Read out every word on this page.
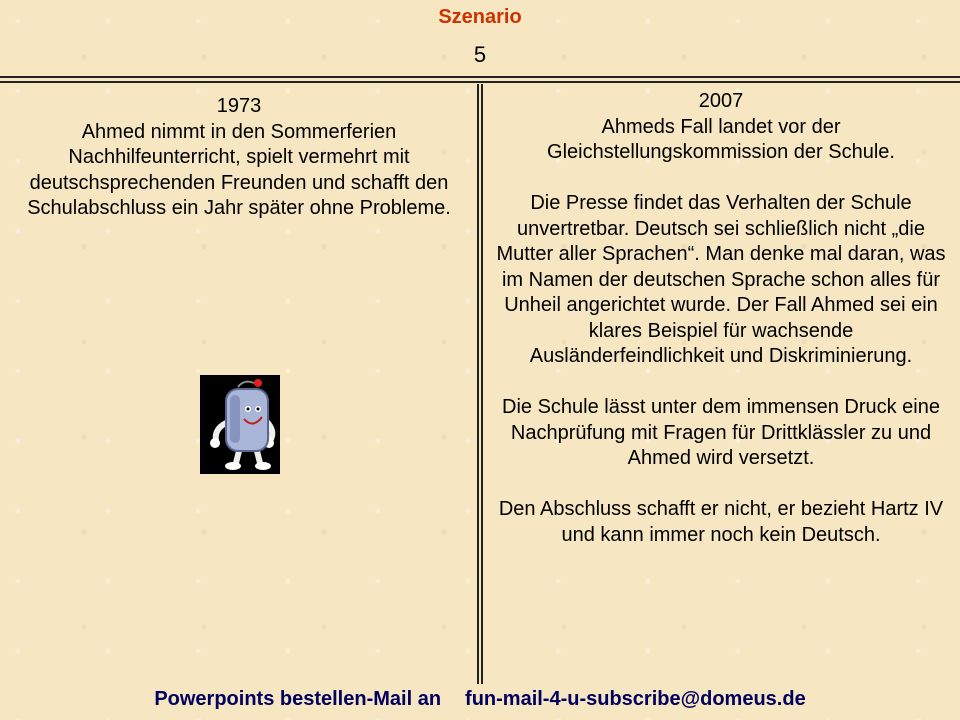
Szenario
5

1973

Ahmed nimmt in den Sommerferien Nachhilfeunterricht, spielt vermehrt mit deutschsprechenden Freunden und schafft den Schulabschluss ein Jahr später ohne Probleme.

2007

Ahmeds Fall landet vor der Gleichstellungskommission der Schule.

Die Presse findet das Verhalten der Schule unvertretbar. Deutsch sei schließlich nicht „die Mutter aller Sprachen“. Man denke mal daran, was im Namen der deutschen Sprache schon alles für Unheil angerichtet wurde. Der Fall Ahmed sei ein klares Beispiel für wachsende Ausländerfeindlichkeit und Diskriminierung.

Die Schule lässt unter dem immensen Druck eine Nachprüfung mit Fragen für Drittklässler zu und Ahmed wird versetzt.

Den Abschluss schafft er nicht, er bezieht Hartz IV und kann immer noch kein Deutsch.

Powerpoints bestellen-Mail an fun-mail-4-u-subscribe@domeus.de
